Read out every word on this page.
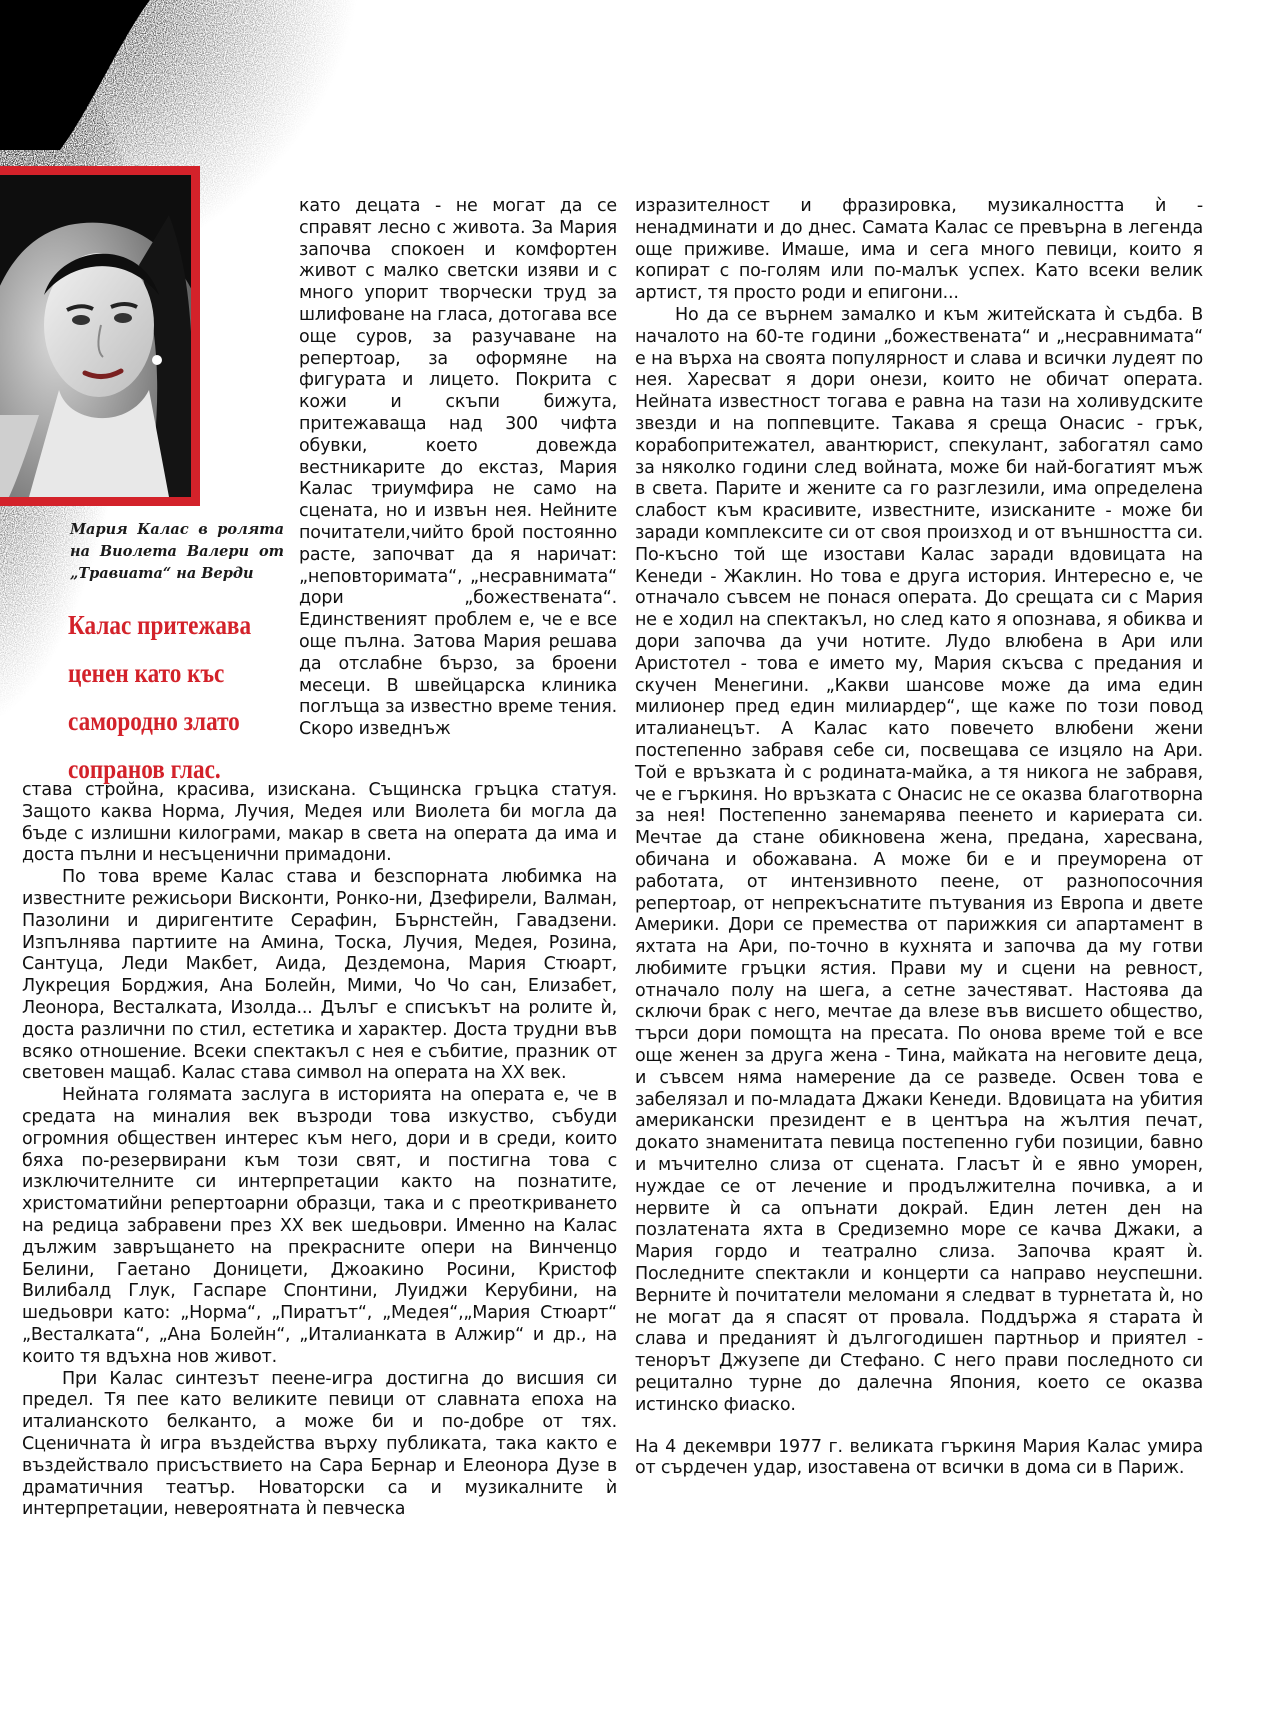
Мария Калас в ролята на Виолета Валери от „Травиата“ на Верди
Калас притежава ценен като къс самородно злато сопранов глас.

като децата - не могат да се справят лесно с живота. За Мария започва спокоен и комфортен живот с малко светски изяви и с много упорит творчески труд за шлифоване на гласа, дотогава все още суров, за разучаване на репертоар, за оформяне на фигурата и лицето. Покрита с кожи и скъпи бижута, притежаваща над 300 чифта обувки, което довежда вестникарите до екстаз, Мария Калас триумфира не само на сцената, но и извън нея. Нейните почитатели,чийто брой постоянно расте, започват да я наричат: „неповторимата“, „несравнимата“ дори „божествената“. Единственият проблем е, че е все още пълна. Затова Мария решава да отслабне бързо, за броени месеци. В швейцарска клиника поглъща за известно време тения. Скоро изведнъж

става стройна, красива, изискана. Същинска гръцка статуя. Защото каква Норма, Лучия, Медея или Виолета би могла да бъде с излишни килограми, макар в света на операта да има и доста пълни и несъценични примадони.

По това време Калас става и безспорната любимка на известните режисьори Висконти, Ронко-ни, Дзефирели, Валман, Пазолини и диригентите Серафин, Бърнстейн, Гавадзени. Изпълнява партиите на Амина, Тоска, Лучия, Медея, Розина, Сантуца, Леди Макбет, Аида, Дездемона, Мария Стюарт, Лукреция Борджия, Ана Болейн, Мими, Чо Чо сан, Елизабет, Леонора, Весталката, Изолда... Дълъг е списъкът на ролите ѝ, доста различни по стил, естетика и характер. Доста трудни във всяко отношение. Всеки спектакъл с нея е събитие, празник от световен мащаб. Калас става символ на операта на XX век.

Нейната голямата заслуга в историята на операта е, че в средата на миналия век възроди това изкуство, събуди огромния обществен интерес към него, дори и в среди, които бяха по-резервирани към този свят, и постигна това с изключителните си интерпретации както на познатите, христоматийни репертоарни образци, така и с преоткриването на редица забравени през XX век шедьоври. Именно на Калас дължим завръщането на прекрасните опери на Винченцо Белини, Гаетано Доницети, Джоакино Росини, Кристоф Вилибалд Глук, Гаспаре Спонтини, Луиджи Керубини, на шедьоври като: „Норма“, „Пиратът“, „Медея“,„Мария Стюарт“ „Весталката“, „Ана Болейн“, „Италианката в Алжир“ и др., на които тя вдъхна нов живот.

При Калас синтезът пеене-игра достигна до висшия си предел. Тя пее като великите певици от славната епоха на италианското белканто, а може би и по-добре от тях. Сценичната ѝ игра въздейства върху публиката, така както е въздействало присъствието на Сара Бернар и Елеонора Дузе в драматичния театър. Новаторски са и музикалните ѝ интерпретации, невероятната ѝ певческа

изразителност и фразировка, музикалността ѝ - ненадминати и до днес. Самата Калас се превърна в легенда още приживе. Имаше, има и сега много певици, които я копират с по-голям или по-малък успех. Като всеки велик артист, тя просто роди и епигони...

Но да се върнем замалко и към житейската ѝ съдба. В началото на 60-те години „божествената“ и „несравнимата“ е на върха на своята популярност и слава и всички лудеят по нея. Харесват я дори онези, които не обичат операта. Нейната известност тогава е равна на тази на холивудските звезди и на поппевците. Такава я среща Онасис - грък, корабопритежател, авантюрист, спекулант, забогатял само за няколко години след войната, може би най-богатият мъж в света. Парите и жените са го разглезили, има определена слабост към красивите, известните, изисканите - може би заради комплексите си от своя произход и от външността си. По-късно той ще изостави Калас заради вдовицата на Кенеди - Жаклин. Но това е друга история. Интересно е, че отначало съвсем не понася операта. До срещата си с Мария не е ходил на спектакъл, но след като я опознава, я обиква и дори започва да учи нотите. Лудо влюбена в Ари или Аристотел - това е името му, Мария скъсва с предания и скучен Менегини. „Какви шансове може да има един милионер пред един милиардер“, ще каже по този повод италианецът. А Калас като повечето влюбени жени постепенно забравя себе си, посвещава се изцяло на Ари. Той е връзката ѝ с родината-майка, а тя никога не забравя, че е гъркиня. Но връзката с Онасис не се оказва благотворна за нея! Постепенно занемарява пеенето и кариерата си. Мечтае да стане обикновена жена, предана, харесвана, обичана и обожавана. А може би е и преуморена от работата, от интензивното пеене, от разнопосочния репертоар, от непрекъснатите пътувания из Европа и двете Америки. Дори се премества от парижкия си апартамент в яхтата на Ари, по-точно в кухнята и започва да му готви любимите гръцки ястия. Прави му и сцени на ревност, отначало полу на шега, а сетне зачестяват. Настоява да сключи брак с него, мечтае да влезе във висшето общество, търси дори помощта на пресата. По онова време той е все още женен за друга жена - Тина, майката на неговите деца, и съвсем няма намерение да се разведе. Освен това е забелязал и по-младата Джаки Кенеди. Вдовицата на убития американски президент е в центъра на жълтия печат, докато знаменитата певица постепенно губи позиции, бавно и мъчително слиза от сцената. Гласът ѝ е явно уморен, нуждае се от лечение и продължителна почивка, а и нервите ѝ са опънати докрай. Един летен ден на позлатената яхта в Средиземно море се качва Джаки, а Мария гордо и театрално слиза. Започва краят ѝ. Последните спектакли и концерти са направо неуспешни. Верните ѝ почитатели меломани я следват в турнетата ѝ, но не могат да я спасят от провала. Поддържа я старата ѝ слава и преданият ѝ дългогодишен партньор и приятел - тенорът Джузепе ди Стефано. С него прави последното си рецитално турне до далечна Япония, което се оказва истинско фиаско.

На 4 декември 1977 г. великата гъркиня Мария Калас умира от сърдечен удар, изоставена от всички в дома си в Париж.
